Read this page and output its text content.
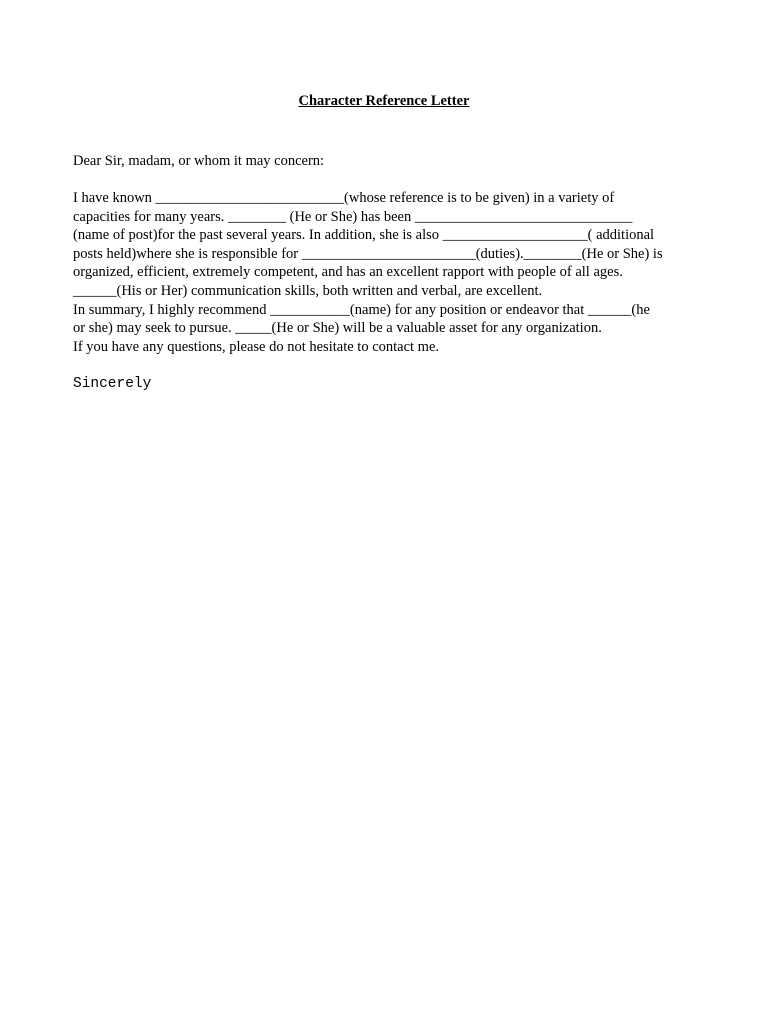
Character Reference Letter
Dear Sir, madam, or whom it may concern:
I have known __________________________(whose reference is to be given) in a variety of
capacities for many years. ________ (He or She) has been ______________________________
(name of post)for the past several years. In addition, she is also ____________________( additional
posts held)where she is responsible for ________________________(duties).________(He or She) is
organized, efficient, extremely competent, and has an excellent rapport with people of all ages.
______(His or Her) communication skills, both written and verbal, are excellent.
In summary, I highly recommend ___________(name) for any position or endeavor that ______(he
or she) may seek to pursue. _____(He or She) will be a valuable asset for any organization.
If you have any questions, please do not hesitate to contact me.
Sincerely
